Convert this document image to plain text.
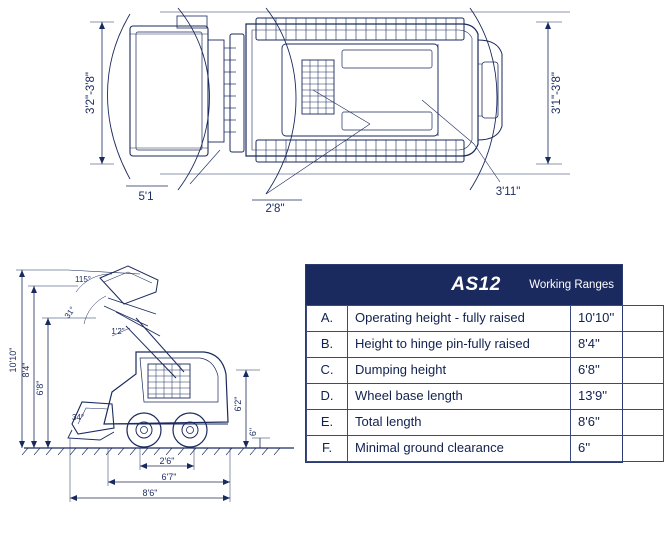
3'2"-3'8"	3'1"-3'8"
5'1
2'8"
3'11"
10'10" 8'4"
6'8"
115°
31°
1'2"
34°
6'2"
6"
2'6"
6'7"
8'6"
AS12	Working Ranges
A.	Operating height - fully raised	10'10''
B.	Height to hinge pin-fully raised	8'4''
C.	Dumping height	6'8''
D.	Wheel base length	13'9''
E.	Total length	8'6''
F.	Minimal ground clearance	6''
